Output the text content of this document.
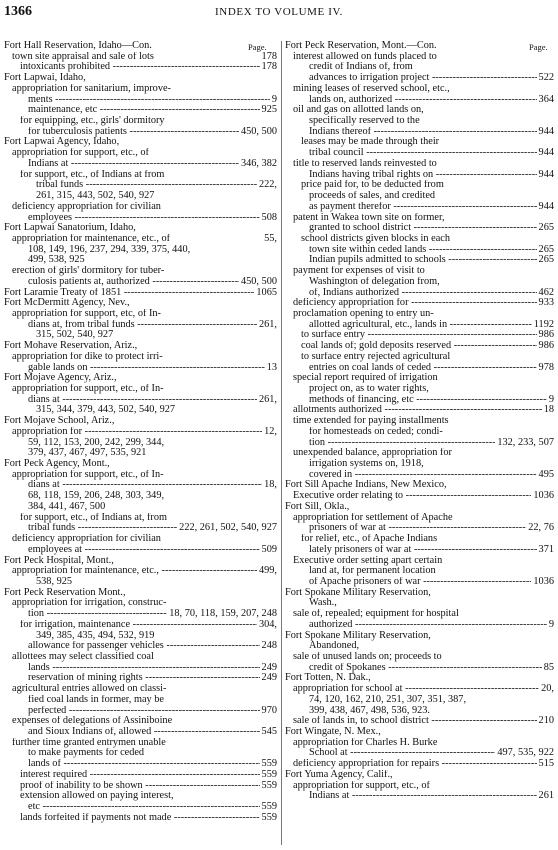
1366	INDEX TO VOLUME IV.
Page.	Page.
Fort Hall Reservation, Idaho—Con.
town site appraisal and sale of lots	178
intoxicants prohibited -----	178
Fort Lapwai, Idaho,
appropriation for sanitarium, improve-
ments -----	9
maintenance, etc -----	925
for equipping, etc., girls' dormitory
for tuberculosis patients -----	450, 500
Fort Lapwai Agency, Idaho,
appropriation for support, etc., of
Indians at -----	346, 382
for support, etc., of Indians at from
tribal funds -----	222,
261, 315, 443, 502, 540, 927
deficiency appropriation for civilian
employees -----	508
Fort Lapwai Sanatorium, Idaho,
appropriation for maintenance, etc., of	55,
108, 149, 196, 237, 294, 339, 375, 440,
499, 538, 925
erection of girls' dormitory for tuber-
culosis patients at, authorized -----	450, 500
Fort Laramie Treaty of 1851 -----	1065
Fort McDermitt Agency, Nev.,
appropriation for support, etc, of In-
dians at, from tribal funds -----	261,
315, 502, 540, 927
Fort Mohave Reservation, Ariz.,
appropriation for dike to protect irri-
gable lands on -----	13
Fort Mojave Agency, Ariz.,
appropriation for support, etc., of In-
dians at -----	261,
315, 344, 379, 443, 502, 540, 927
Fort Mojave School, Ariz.,
appropriation for -----	12,
59, 112, 153, 200, 242, 299, 344,
379, 437, 467, 497, 535, 921
Fort Peck Agency, Mont.,
appropriation for support, etc., of In-
dians at -----	18,
68, 118, 159, 206, 248, 303, 349,
384, 441, 467, 500
for support, etc., of Indians at, from
tribal funds -----	222, 261, 502, 540, 927
deficiency appropriation for civilian
employees at -----	509
Fort Peck Hospital, Mont.,
appropriation for maintenance, etc., -----	499,
538, 925
Fort Peck Reservation Mont.,
appropriation for irrigation, construc-
tion -----	18, 70, 118, 159, 207, 248
for irrigation, maintenance -----	304,
349, 385, 435, 494, 532, 919
allowance for passenger vehicles -----	248
allottees may select classified coal
lands -----	249
reservation of mining rights -----	249
agricultural entries allowed on classi-
fied coal lands in former, may be
perfected -----	970
expenses of delegations of Assiniboine
and Sioux Indians of, allowed -----	545
further time granted entrymen unable
to make payments for ceded
lands of -----	559
interest required -----	559
proof of inability to be shown -----	559
extension allowed on paying interest,
etc -----	559
lands forfeited if payments not made -----	559
Fort Peck Reservation, Mont.—Con.
interest allowed on funds placed to
credit of Indians of, from
advances to irrigation project -----	522
mining leases of reserved school, etc.,
lands on, authorized -----	364
oil and gas on allotted lands on,
specifically reserved to the
Indians thereof -----	944
leases may be made through their
tribal council -----	944
title to reserved lands reinvested to
Indians having tribal rights on -----	944
price paid for, to be deducted from
proceeds of sales, and credited
as payment therefor -----	944
patent in Wakea town site on former,
granted to school district -----	265
school districts given blocks in each
town site within ceded lands -----	265
Indian pupils admitted to schools -----	265
payment for expenses of visit to
Washington of delegation from,
of, Indians authorized -----	462
deficiency appropriation for -----	933
proclamation opening to entry un-
allotted agricultural, etc., lands in -----	1192
to surface entry -----	986
coal lands of; gold deposits reserved -----	986
to surface entry rejected agricultural
entries on coal lands of ceded -----	978
special report required of irrigation
project on, as to water rights,
methods of financing, etc -----	9
allotments authorized -----	18
time extended for paying installments
for homesteads on ceded; condi-
tion -----	132, 233, 507
unexpended balance, appropriation for
irrigation systems on, 1918,
covered in -----	495
Fort Sill Apache Indians, New Mexico,
Executive order relating to -----	1036
Fort Sill, Okla.,
appropriation for settlement of Apache
prisoners of war at -----	22, 76
for relief, etc., of Apache Indians
lately prisoners of war at -----	371
Executive order setting apart certain
land at, for permanent location
of Apache prisoners of war -----	1036
Fort Spokane Military Reservation,
Wash.,
sale of, repealed; equipment for hospital
authorized -----	9
Fort Spokane Military Reservation,
Abandoned,
sale of unused lands on; proceeds to
credit of Spokanes -----	85
Fort Totten, N. Dak.,
appropriation for school at -----	20,
74, 120, 162, 210, 251, 307, 351, 387,
399, 438, 467, 498, 536, 923.
sale of lands in, to school district -----	210
Fort Wingate, N. Mex.,
appropriation for Charles H. Burke
School at -----	497, 535, 922
deficiency appropriation for repairs -----	515
Fort Yuma Agency, Calif.,
appropriation for support, etc., of
Indians at -----	261
